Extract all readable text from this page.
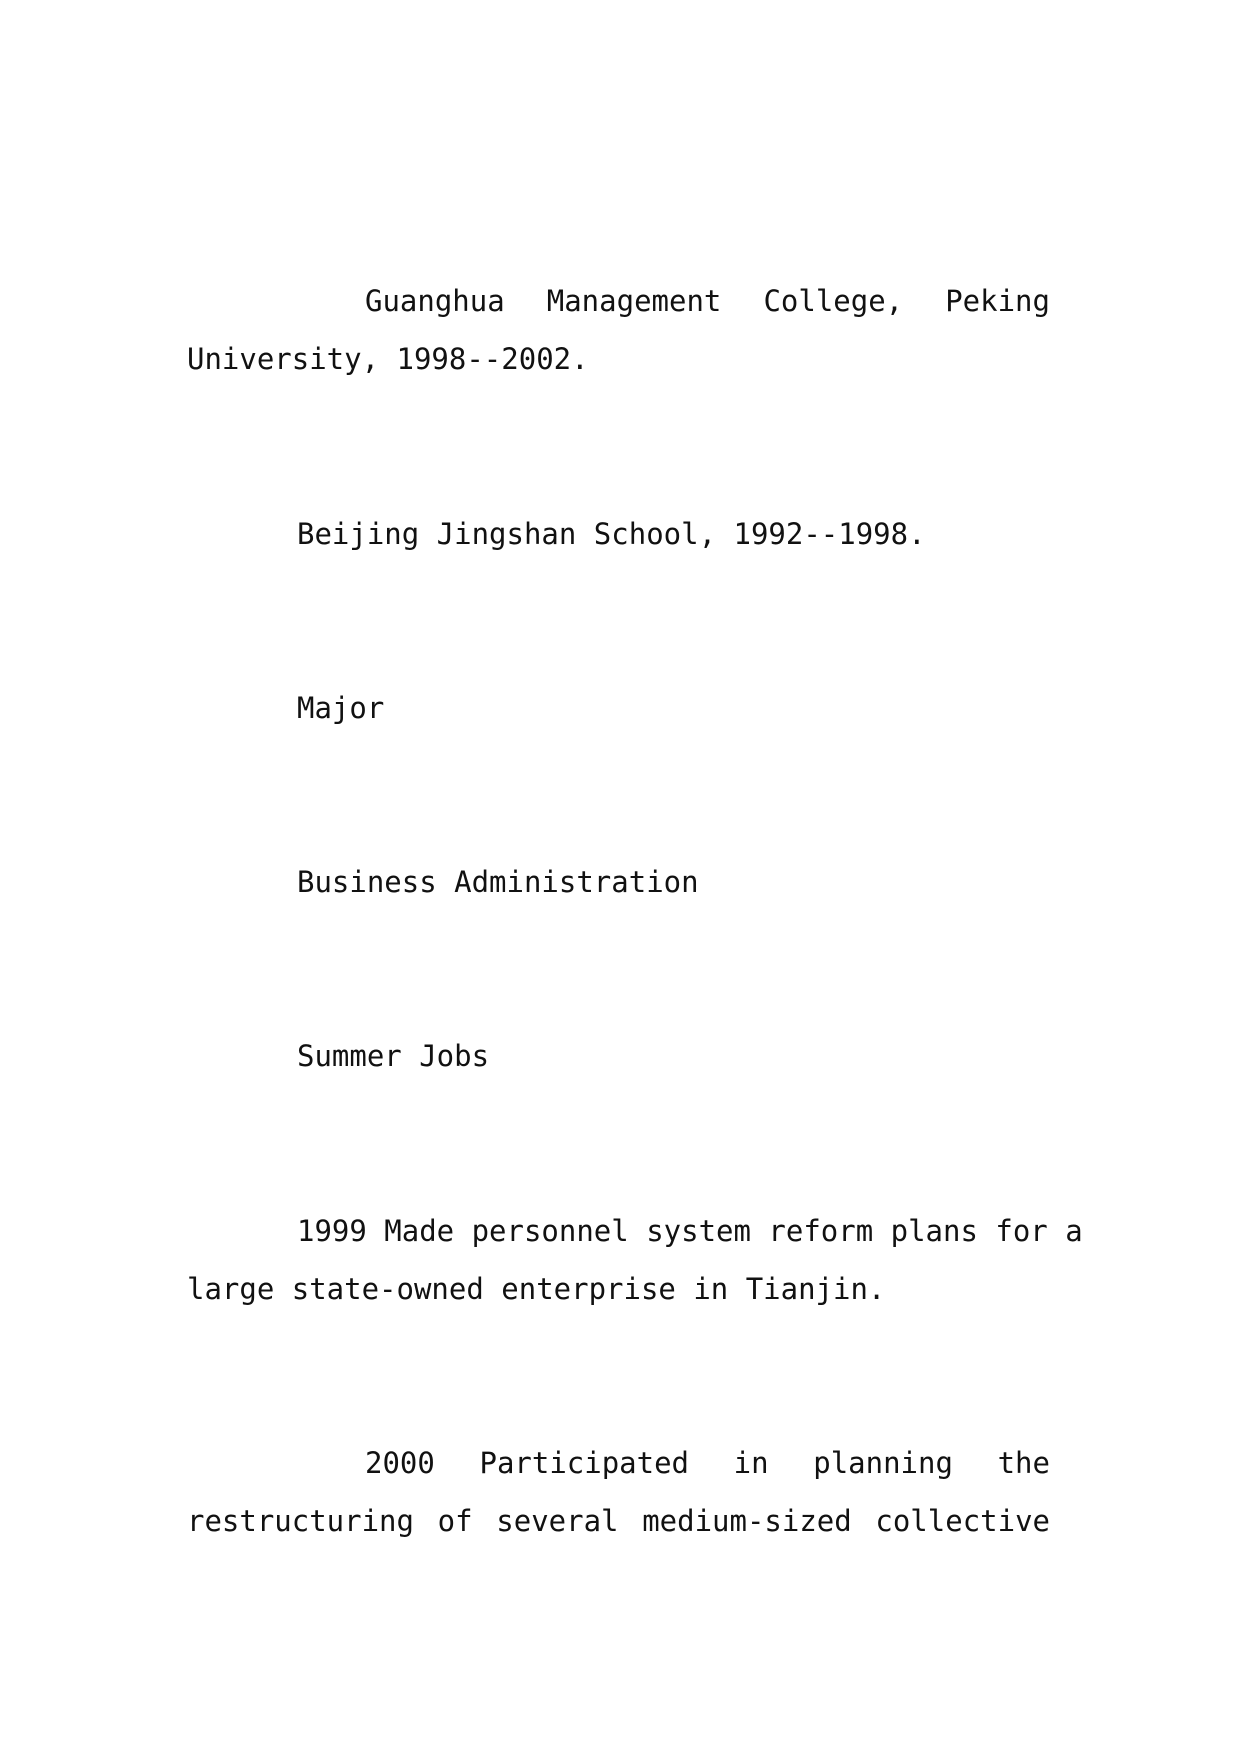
Guanghua Management College, Peking
University, 1998--2002.
Beijing Jingshan School, 1992--1998.
Major
Business Administration
Summer Jobs
1999 Made personnel system reform plans for a
large state-owned enterprise in Tianjin.
2000 Participated in planning the
restructuring of several medium-sized collective
